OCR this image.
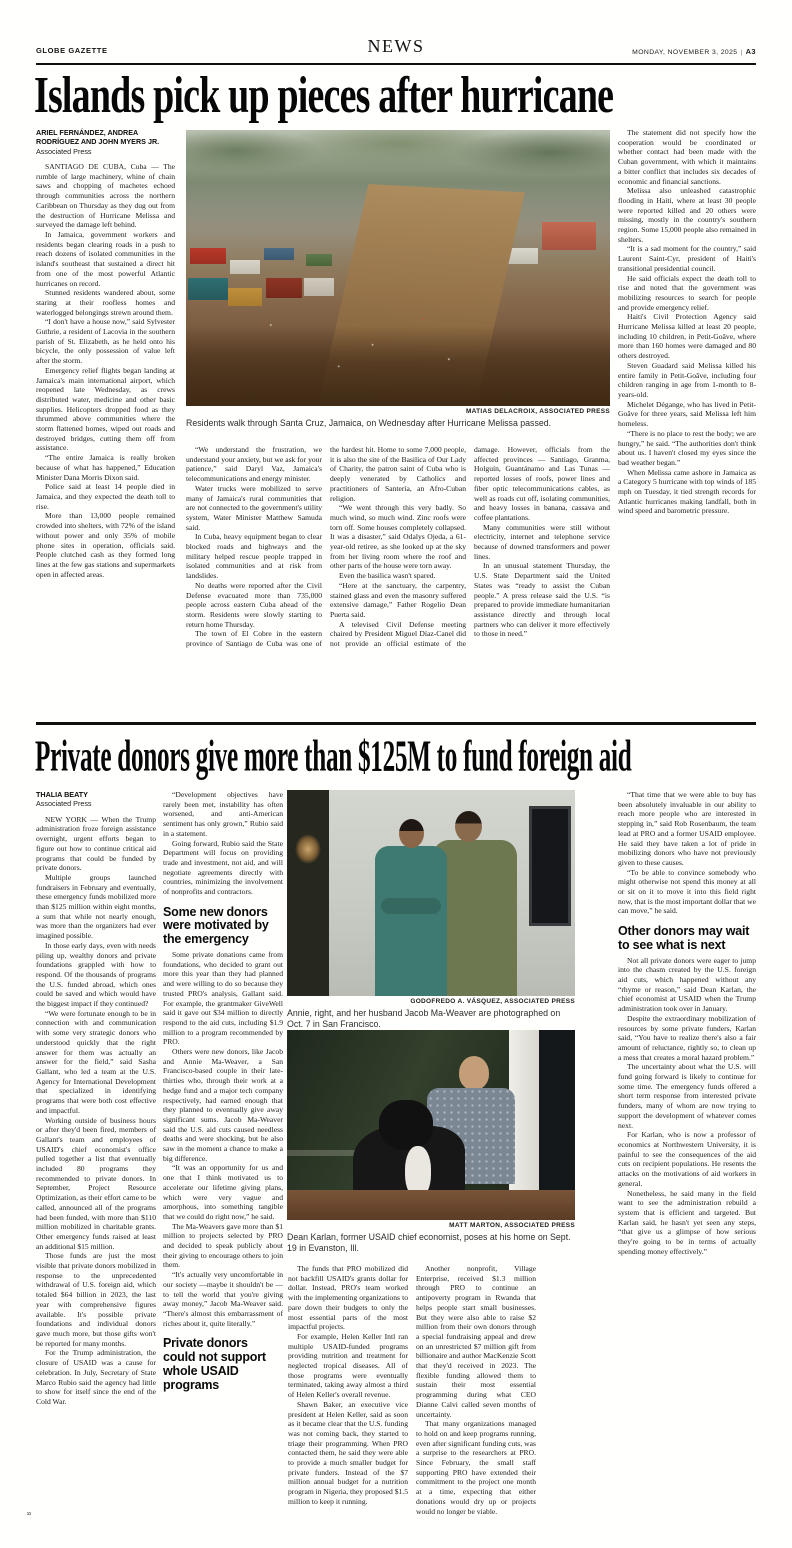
GLOBE GAZETTE	NEWS	MONDAY, NOVEMBER 3, 2025 | A3
Islands pick up pieces after hurricane
ARIEL FERNÁNDEZ, ANDREA RODRÍGUEZ AND JOHN MYERS JR.
Associated Press

SANTIAGO DE CUBA, Cuba — The rumble of large machinery, whine of chain saws and chopping of machetes echoed through communities across the northern Caribbean on Thursday as they dug out from the destruction of Hurricane Melissa and surveyed the damage left behind.

In Jamaica, government workers and residents began clearing roads in a push to reach dozens of isolated communities in the island's southeast that sustained a direct hit from one of the most powerful Atlantic hurricanes on record.

Stunned residents wandered about, some staring at their roofless homes and waterlogged belongings strewn around them.

“I don't have a house now,” said Sylvester Guthrie, a resident of Lacovia in the southern parish of St. Elizabeth, as he held onto his bicycle, the only possession of value left after the storm.

Emergency relief flights began landing at Jamaica's main international airport, which reopened late Wednesday, as crews distributed water, medicine and other basic supplies. Helicopters dropped food as they thrummed above communities where the storm flattened homes, wiped out roads and destroyed bridges, cutting them off from assistance.

“The entire Jamaica is really broken because of what has happened,” Education Minister Dana Morris Dixon said.

Police said at least 14 people died in Jamaica, and they expected the death toll to rise.

More than 13,000 people remained crowded into shelters, with 72% of the island without power and only 35% of mobile phone sites in operation, officials said. People clutched cash as they formed long lines at the few gas stations and supermarkets open in affected areas.

MATIAS DELACROIX, ASSOCIATED PRESS
Residents walk through Santa Cruz, Jamaica, on Wednesday after Hurricane Melissa passed.

“We understand the frustration, we understand your anxiety, but we ask for your patience,” said Daryl Vaz, Jamaica's telecommunications and energy minister.

Water trucks were mobilized to serve many of Jamaica's rural communities that are not connected to the government's utility system, Water Minister Matthew Samuda said.

In Cuba, heavy equipment began to clear blocked roads and highways and the military helped rescue people trapped in isolated communities and at risk from landslides.

No deaths were reported after the Civil Defense evacuated more than 735,000 people across eastern Cuba ahead of the storm. Residents were slowly starting to return home Thursday.

The town of El Cobre in the eastern province of Santiago de Cuba was one of the hardest hit. Home to some 7,000 people, it is also the site of the Basilica of Our Lady of Charity, the patron saint of Cuba who is deeply venerated by Catholics and practitioners of Santería, an Afro-Cuban religion.

“We went through this very badly. So much wind, so much wind. Zinc roofs were torn off. Some houses completely collapsed. It was a disaster,” said Odalys Ojeda, a 61-year-old retiree, as she looked up at the sky from her living room where the roof and other parts of the house were torn away.

Even the basilica wasn't spared.

“Here at the sanctuary, the carpentry, stained glass and even the masonry suffered extensive damage,” Father Rogelio Dean Puerta said.

A televised Civil Defense meeting chaired by President Miguel Díaz-Canel did not provide an official estimate of the damage. However, officials from the affected provinces — Santiago, Granma, Holguín, Guantánamo and Las Tunas — reported losses of roofs, power lines and fiber optic telecommunications cables, as well as roads cut off, isolating communities, and heavy losses in banana, cassava and coffee plantations.

Many communities were still without electricity, internet and telephone service because of downed transformers and power lines.

In an unusual statement Thursday, the U.S. State Department said the United States was “ready to assist the Cuban people.” A press release said the U.S. “is prepared to provide immediate humanitarian assistance directly and through local partners who can deliver it more effectively to those in need.”

The statement did not specify how the cooperation would be coordinated or whether contact had been made with the Cuban government, with which it maintains a bitter conflict that includes six decades of economic and financial sanctions.

Melissa also unleashed catastrophic flooding in Haiti, where at least 30 people were reported killed and 20 others were missing, mostly in the country's southern region. Some 15,000 people also remained in shelters.

“It is a sad moment for the country,” said Laurent Saint-Cyr, president of Haiti's transitional presidential council.

He said officials expect the death toll to rise and noted that the government was mobilizing resources to search for people and provide emergency relief.

Haiti's Civil Protection Agency said Hurricane Melissa killed at least 20 people, including 10 children, in Petit-Goâve, where more than 160 homes were damaged and 80 others destroyed.

Steven Guadard said Melissa killed his entire family in Petit-Goâve, including four children ranging in age from 1-month to 8-years-old.

Michelet Dégange, who has lived in Petit-Goâve for three years, said Melissa left him homeless.

“There is no place to rest the body; we are hungry,” he said. “The authorities don't think about us. I haven't closed my eyes since the bad weather began.”

When Melissa came ashore in Jamaica as a Category 5 hurricane with top winds of 185 mph on Tuesday, it tied strength records for Atlantic hurricanes making landfall, both in wind speed and barometric pressure.

Private donors give more than $125M to fund foreign aid
THALIA BEATY
Associated Press

NEW YORK — When the Trump administration froze foreign assistance overnight, urgent efforts began to figure out how to continue critical aid programs that could be funded by private donors.

Multiple groups launched fundraisers in February and eventually, these emergency funds mobilized more than $125 million within eight months, a sum that while not nearly enough, was more than the organizers had ever imagined possible.

In those early days, even with needs piling up, wealthy donors and private foundations grappled with how to respond. Of the thousands of programs the U.S. funded abroad, which ones could be saved and which would have the biggest impact if they continued?

“We were fortunate enough to be in connection with and communication with some very strategic donors who understood quickly that the right answer for them was actually an answer for the field,” said Sasha Gallant, who led a team at the U.S. Agency for International Development that specialized in identifying programs that were both cost effective and impactful.

Working outside of business hours or after they'd been fired, members of Gallant's team and employees of USAID's chief economist's office pulled together a list that eventually included 80 programs they recommended to private donors. In September, Project Resource Optimization, as their effort came to be called, announced all of the programs had been funded, with more than $110 million mobilized in charitable grants. Other emergency funds raised at least an additional $15 million.

Those funds are just the most visible that private donors mobilized in response to the unprecedented withdrawal of U.S. foreign aid, which totaled $64 billion in 2023, the last year with comprehensive figures available. It's possible private foundations and individual donors gave much more, but those gifts won't be reported for many months.

For the Trump administration, the closure of USAID was a cause for celebration. In July, Secretary of State Marco Rubio said the agency had little to show for itself since the end of the Cold War.

“Development objectives have rarely been met, instability has often worsened, and anti-American sentiment has only grown,” Rubio said in a statement.

Going forward, Rubio said the State Department will focus on providing trade and investment, not aid, and will negotiate agreements directly with countries, minimizing the involvement of nonprofits and contractors.

Some new donors were motivated by the emergency

Some private donations came from foundations, who decided to grant out more this year than they had planned and were willing to do so because they trusted PRO's analysis, Gallant said. For example, the grantmaker GiveWell said it gave out $34 million to directly respond to the aid cuts, including $1.9 million to a program recommended by PRO.

Others were new donors, like Jacob and Annie Ma-Weaver, a San Francisco-based couple in their late-thirties who, through their work at a hedge fund and a major tech company respectively, had earned enough that they planned to eventually give away significant sums. Jacob Ma-Weaver said the U.S. aid cuts caused needless deaths and were shocking, but he also saw in the moment a chance to make a big difference.

“It was an opportunity for us and one that I think motivated us to accelerate our lifetime giving plans, which were very vague and amorphous, into something tangible that we could do right now,” he said.

The Ma-Weavers gave more than $1 million to projects selected by PRO and decided to speak publicly about their giving to encourage others to join them.

“It's actually very uncomfortable in our society —maybe it shouldn't be — to tell the world that you're giving away money,” Jacob Ma-Weaver said. “There's almost this embarrassment of riches about it, quite literally.”

Private donors could not support whole USAID programs

GODOFREDO A. VÁSQUEZ, ASSOCIATED PRESS
Annie, right, and her husband Jacob Ma-Weaver are photographed on Oct. 7 in San Francisco.
MATT MARTON, ASSOCIATED PRESS
Dean Karlan, former USAID chief economist, poses at his home on Sept. 19 in Evanston, Ill.

The funds that PRO mobilized did not backfill USAID's grants dollar for dollar. Instead, PRO's team worked with the implementing organizations to pare down their budgets to only the most essential parts of the most impactful projects.

For example, Helen Keller Intl ran multiple USAID-funded programs providing nutrition and treatment for neglected tropical diseases. All of those programs were eventually terminated, taking away almost a third of Helen Keller's overall revenue.

Shawn Baker, an executive vice president at Helen Keller, said as soon as it became clear that the U.S. funding was not coming back, they started to triage their programming. When PRO contacted them, he said they were able to provide a much smaller budget for private funders. Instead of the $7 million annual budget for a nutrition program in Nigeria, they proposed $1.5 million to keep it running.

Another nonprofit, Village Enterprise, received $1.3 million through PRO to continue an antipoverty program in Rwanda that helps people start small businesses. But they were also able to raise $2 million from their own donors through a special fundraising appeal and drew on an unrestricted $7 million gift from billionaire and author MacKenzie Scott that they'd received in 2023. The flexible funding allowed them to sustain their most essential programming during what CEO Dianne Calvi called seven months of uncertainty.

That many organizations managed to hold on and keep programs running, even after significant funding cuts, was a surprise to the researchers at PRO. Since February, the small staff supporting PRO have extended their commitment to the project one month at a time, expecting that either donations would dry up or projects would no longer be viable.

“That time that we were able to buy has been absolutely invaluable in our ability to reach more people who are interested in stepping in,” said Rob Rosenbaum, the team lead at PRO and a former USAID employee. He said they have taken a lot of pride in mobilizing donors who have not previously given to these causes.

“To be able to convince somebody who might otherwise not spend this money at all or sit on it to move it into this field right now, that is the most important dollar that we can move,” he said.

Other donors may wait to see what is next

Not all private donors were eager to jump into the chasm created by the U.S. foreign aid cuts, which happened without any “rhyme or reason,” said Dean Karlan, the chief economist at USAID when the Trump administration took over in January.

Despite the extraordinary mobilization of resources by some private funders, Karlan said, “You have to realize there's also a fair amount of reluctance, rightly so, to clean up a mess that creates a moral hazard problem.”

The uncertainty about what the U.S. will fund going forward is likely to continue for some time. The emergency funds offered a short term response from interested private funders, many of whom are now trying to support the development of whatever comes next.

For Karlan, who is now a professor of economics at Northwestern University, it is painful to see the consequences of the aid cuts on recipient populations. He resents the attacks on the motivations of aid workers in general.

Nonetheless, he said many in the field want to see the administration rebuild a system that is efficient and targeted. But Karlan said, he hasn't yet seen any steps, “that give us a glimpse of how serious they're going to be in terms of actually spending money effectively.”

8
